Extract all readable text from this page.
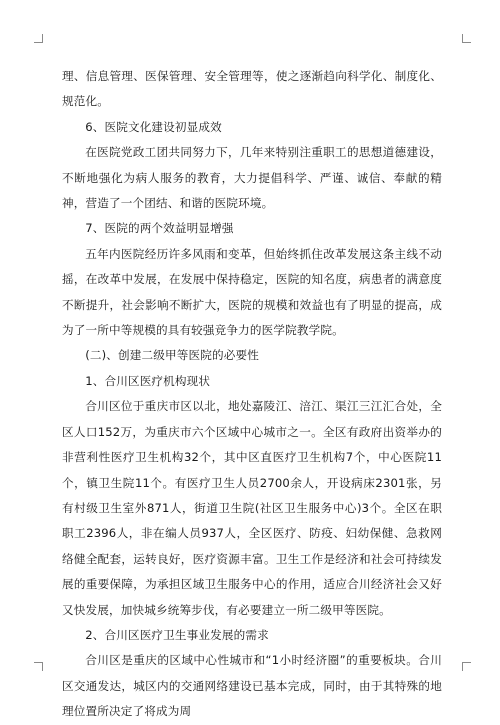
理、信息管理、医保管理、安全管理等，使之逐渐趋向科学化、制度化、规范化。

6、医院文化建设初显成效

在医院党政工团共同努力下，几年来特别注重职工的思想道德建设，不断地强化为病人服务的教育，大力提倡科学、严谨、诚信、奉献的精神，营造了一个团结、和谐的医院环境。

7、医院的两个效益明显增强

五年内医院经历许多风雨和变革，但始终抓住改革发展这条主线不动摇，在改革中发展，在发展中保持稳定，医院的知名度，病患者的满意度不断提升，社会影响不断扩大，医院的规模和效益也有了明显的提高，成为了一所中等规模的具有较强竞争力的医学院教学院。

(二)、创建二级甲等医院的必要性

1、合川区医疗机构现状

合川区位于重庆市区以北，地处嘉陵江、涪江、渠江三江汇合处，全区人口152万，为重庆市六个区域中心城市之一。全区有政府出资举办的非营利性医疗卫生机构32个，其中区直医疗卫生机构7个，中心医院11个，镇卫生院11个。有医疗卫生人员2700余人，开设病床2301张，另有村级卫生室外871人，街道卫生院(社区卫生服务中心)3个。全区在职职工2396人，非在编人员937人，全区医疗、防疫、妇幼保健、急救网络健全配套，运转良好，医疗资源丰富。卫生工作是经济和社会可持续发展的重要保障，为承担区域卫生服务中心的作用，适应合川经济社会又好又快发展，加快城乡统筹步伐，有必要建立一所二级甲等医院。

2、合川区医疗卫生事业发展的需求

合川区是重庆的区域中心性城市和“1小时经济圈”的重要板块。合川区交通发达，城区内的交通网络建设已基本完成，同时，由于其特殊的地理位置所决定了将成为周
